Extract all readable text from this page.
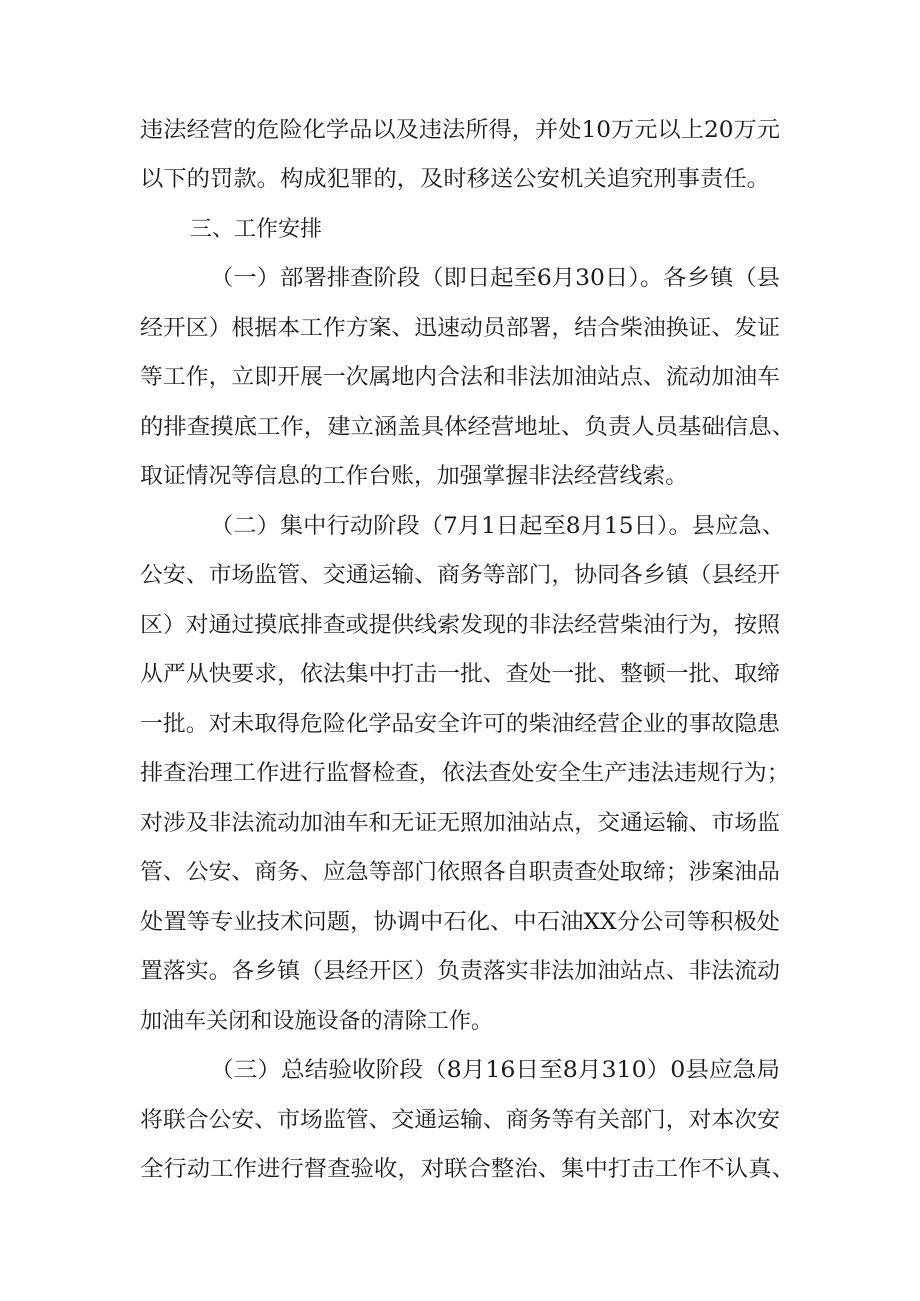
违法经营的危险化学品以及违法所得，并处10万元以上20万元
以下的罚款。构成犯罪的，及时移送公安机关追究刑事责任。
三、工作安排
（一）部署排查阶段（即日起至6月30日）。各乡镇（县
经开区）根据本工作方案、迅速动员部署，结合柴油换证、发证
等工作，立即开展一次属地内合法和非法加油站点、流动加油车
的排查摸底工作，建立涵盖具体经营地址、负责人员基础信息、
取证情况等信息的工作台账，加强掌握非法经营线索。
（二）集中行动阶段（7月1日起至8月15日）。县应急、
公安、市场监管、交通运输、商务等部门，协同各乡镇（县经开
区）对通过摸底排查或提供线索发现的非法经营柴油行为，按照
从严从快要求，依法集中打击一批、查处一批、整顿一批、取缔
一批。对未取得危险化学品安全许可的柴油经营企业的事故隐患
排查治理工作进行监督检查，依法查处安全生产违法违规行为；
对涉及非法流动加油车和无证无照加油站点，交通运输、市场监
管、公安、商务、应急等部门依照各自职责查处取缔；涉案油品
处置等专业技术问题，协调中石化、中石油XX分公司等积极处
置落实。各乡镇（县经开区）负责落实非法加油站点、非法流动
加油车关闭和设施设备的清除工作。
（三）总结验收阶段（8月16日至8月310）0县应急局
将联合公安、市场监管、交通运输、商务等有关部门，对本次安
全行动工作进行督查验收，对联合整治、集中打击工作不认真、
